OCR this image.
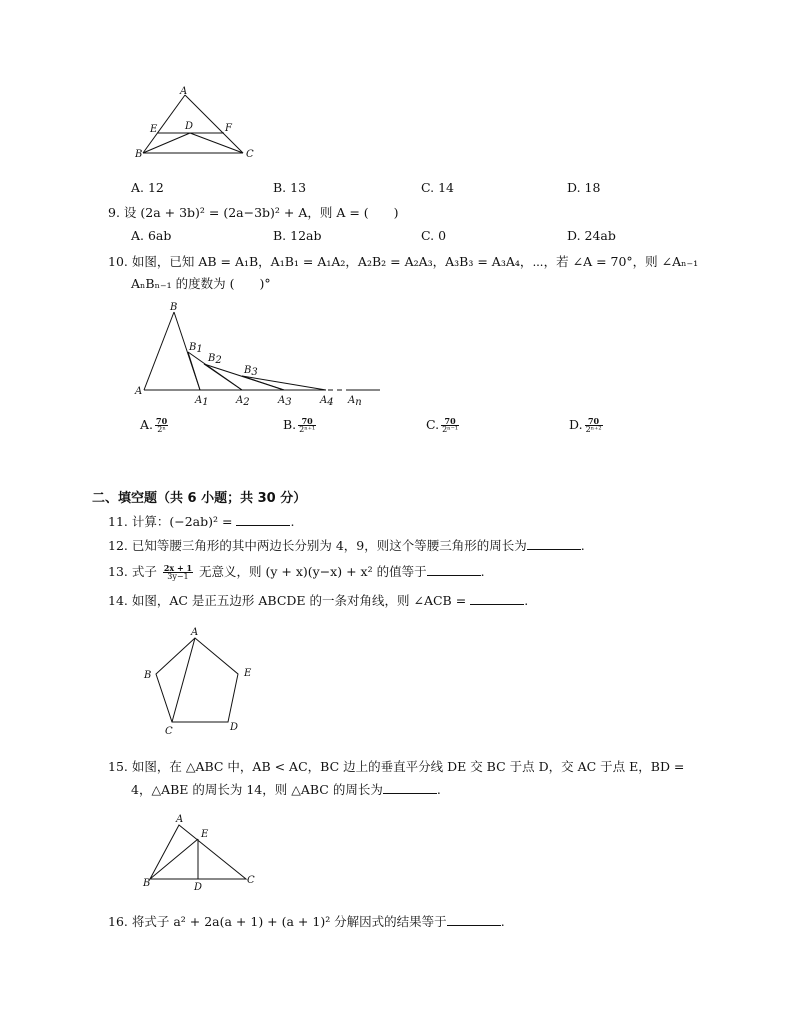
A
E	D	F
B	C
A. 12	B. 13	C. 14	D. 18
9. 设 (2a + 3b)² = (2a−3b)² + A，则 A = (　　)
A. 6ab	B. 12ab	C. 0	D. 24ab
10. 如图，已知 AB = A₁B，A₁B₁ = A₁A₂，A₂B₂ = A₂A₃，A₃B₃ = A₃A₄，⋯，若 ∠A = 70°，则 ∠Aₙ₋₁
AₙBₙ₋₁ 的度数为 (　　)°
B
A
B1
B2
B3
A1	A2	A3	A4 An
A. $\frac{70}{\text{2ⁿ}}$	B. $\frac{70}{\text{2ⁿ⁺¹}}$	C. $\frac{70}{\text{2ⁿ⁻¹}}$	D. $\frac{70}{\text{2ⁿ⁺²}}$
二、填空题（共 6 小题；共 30 分）
11. 计算：(−2ab)² =	.
12. 已知等腰三角形的其中两边长分别为 4，9，则这个等腰三角形的周长为	.
13. 式子 $\frac{2x + 1}{3y-1}$ 无意义，则 (y + x)(y−x) + x² 的值等于	.
14. 如图，AC 是正五边形 ABCDE 的一条对角线，则 ∠ACB =	.
A
B	E
C	D
15. 如图，在 △ABC 中，AB < AC，BC 边上的垂直平分线 DE 交 BC 于点 D，交 AC 于点 E，BD =
4，△ABE 的周长为 14，则 △ABC 的周长为	.
A
E
B	D
C
16. 将式子 a² + 2a(a + 1) + (a + 1)² 分解因式的结果等于	.
